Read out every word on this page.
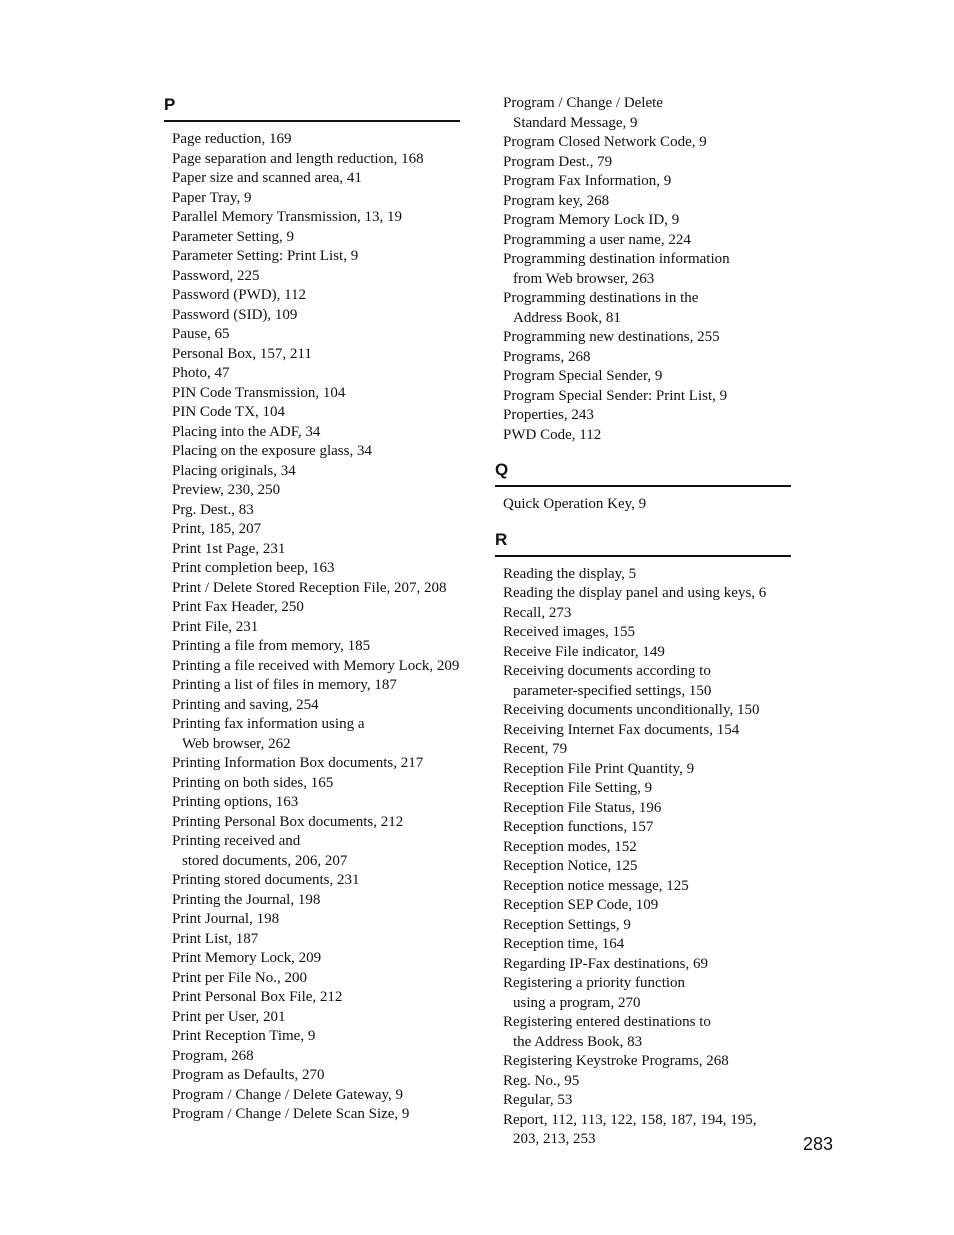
P
Page reduction, 169
Page separation and length reduction, 168
Paper size and scanned area, 41
Paper Tray, 9
Parallel Memory Transmission, 13, 19
Parameter Setting, 9
Parameter Setting: Print List, 9
Password, 225
Password (PWD), 112
Password (SID), 109
Pause, 65
Personal Box, 157, 211
Photo, 47
PIN Code Transmission, 104
PIN Code TX, 104
Placing into the ADF, 34
Placing on the exposure glass, 34
Placing originals, 34
Preview, 230, 250
Prg. Dest., 83
Print, 185, 207
Print 1st Page, 231
Print completion beep, 163
Print / Delete Stored Reception File, 207, 208
Print Fax Header, 250
Print File, 231
Printing a file from memory, 185
Printing a file received with Memory Lock, 209
Printing a list of files in memory, 187
Printing and saving, 254
Printing fax information using a
Web browser, 262
Printing Information Box documents, 217
Printing on both sides, 165
Printing options, 163
Printing Personal Box documents, 212
Printing received and
stored documents, 206, 207
Printing stored documents, 231
Printing the Journal, 198
Print Journal, 198
Print List, 187
Print Memory Lock, 209
Print per File No., 200
Print Personal Box File, 212
Print per User, 201
Print Reception Time, 9
Program, 268
Program as Defaults, 270
Program / Change / Delete Gateway, 9
Program / Change / Delete Scan Size, 9
Program / Change / Delete
Standard Message, 9
Program Closed Network Code, 9
Program Dest., 79
Program Fax Information, 9
Program key, 268
Program Memory Lock ID, 9
Programming a user name, 224
Programming destination information
from Web browser, 263
Programming destinations in the
Address Book, 81
Programming new destinations, 255
Programs, 268
Program Special Sender, 9
Program Special Sender: Print List, 9
Properties, 243
PWD Code, 112
Q
Quick Operation Key, 9
R
Reading the display, 5
Reading the display panel and using keys, 6
Recall, 273
Received images, 155
Receive File indicator, 149
Receiving documents according to
parameter-specified settings, 150
Receiving documents unconditionally, 150
Receiving Internet Fax documents, 154
Recent, 79
Reception File Print Quantity, 9
Reception File Setting, 9
Reception File Status, 196
Reception functions, 157
Reception modes, 152
Reception Notice, 125
Reception notice message, 125
Reception SEP Code, 109
Reception Settings, 9
Reception time, 164
Regarding IP-Fax destinations, 69
Registering a priority function
using a program, 270
Registering entered destinations to
the Address Book, 83
Registering Keystroke Programs, 268
Reg. No., 95
Regular, 53
Report, 112, 113, 122, 158, 187, 194, 195,
203, 213, 253	283
